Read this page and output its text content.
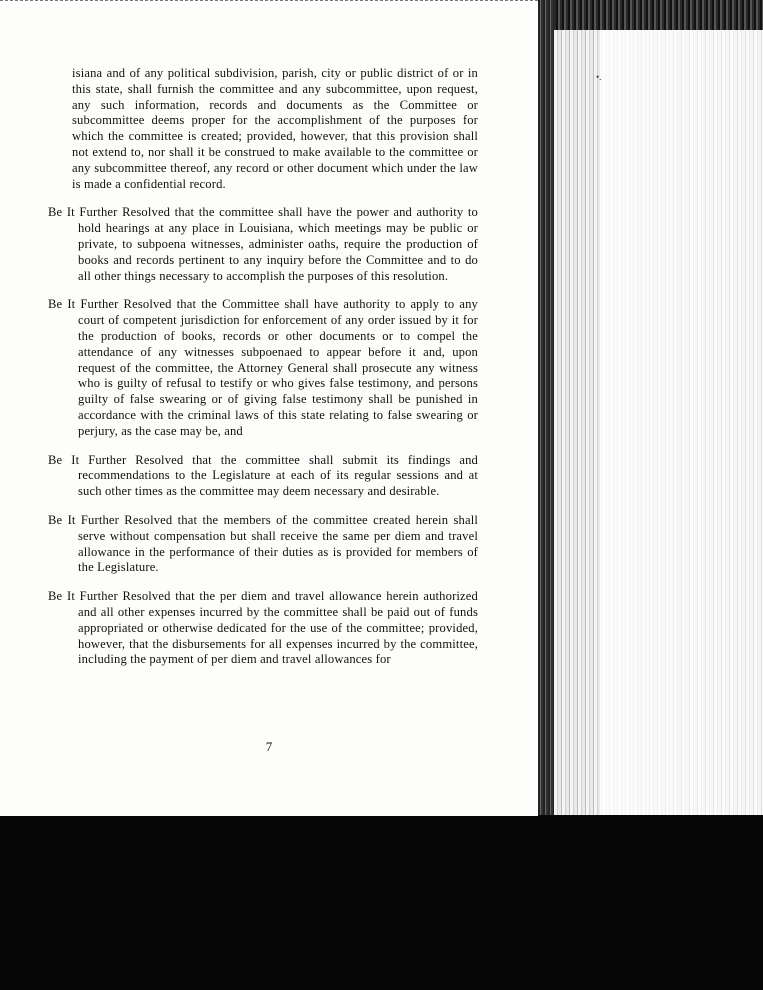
•.

isiana and of any political subdivision, parish, city or public district of or in this state, shall furnish the committee and any subcommittee, upon request, any such information, records and documents as the Committee or subcommittee deems proper for the accomplishment of the purposes for which the committee is created; provided, however, that this provision shall not extend to, nor shall it be construed to make available to the committee or any subcommittee thereof, any record or other document which under the law is made a confidential record.

Be It Further Resolved that the committee shall have the power and authority to hold hearings at any place in Louisiana, which meetings may be public or private, to subpoena witnesses, administer oaths, require the production of books and records pertinent to any inquiry before the Committee and to do all other things necessary to accomplish the purposes of this resolution.

Be It Further Resolved that the Committee shall have authority to apply to any court of competent jurisdiction for enforcement of any order issued by it for the production of books, records or other documents or to compel the attendance of any witnesses subpoenaed to appear before it and, upon request of the committee, the Attorney General shall prosecute any witness who is guilty of refusal to testify or who gives false testimony, and persons guilty of false swearing or of giving false testimony shall be punished in accordance with the criminal laws of this state relating to false swearing or perjury, as the case may be, and

Be It Further Resolved that the committee shall submit its findings and recommendations to the Legislature at each of its regular sessions and at such other times as the committee may deem necessary and desirable.

Be It Further Resolved that the members of the committee created herein shall serve without compensation but shall receive the same per diem and travel allowance in the performance of their duties as is provided for members of the Legislature.

Be It Further Resolved that the per diem and travel allowance herein authorized and all other expenses incurred by the committee shall be paid out of funds appropriated or otherwise dedicated for the use of the committee; provided, however, that the disbursements for all expenses incurred by the committee, including the payment of per diem and travel allowances for

7
